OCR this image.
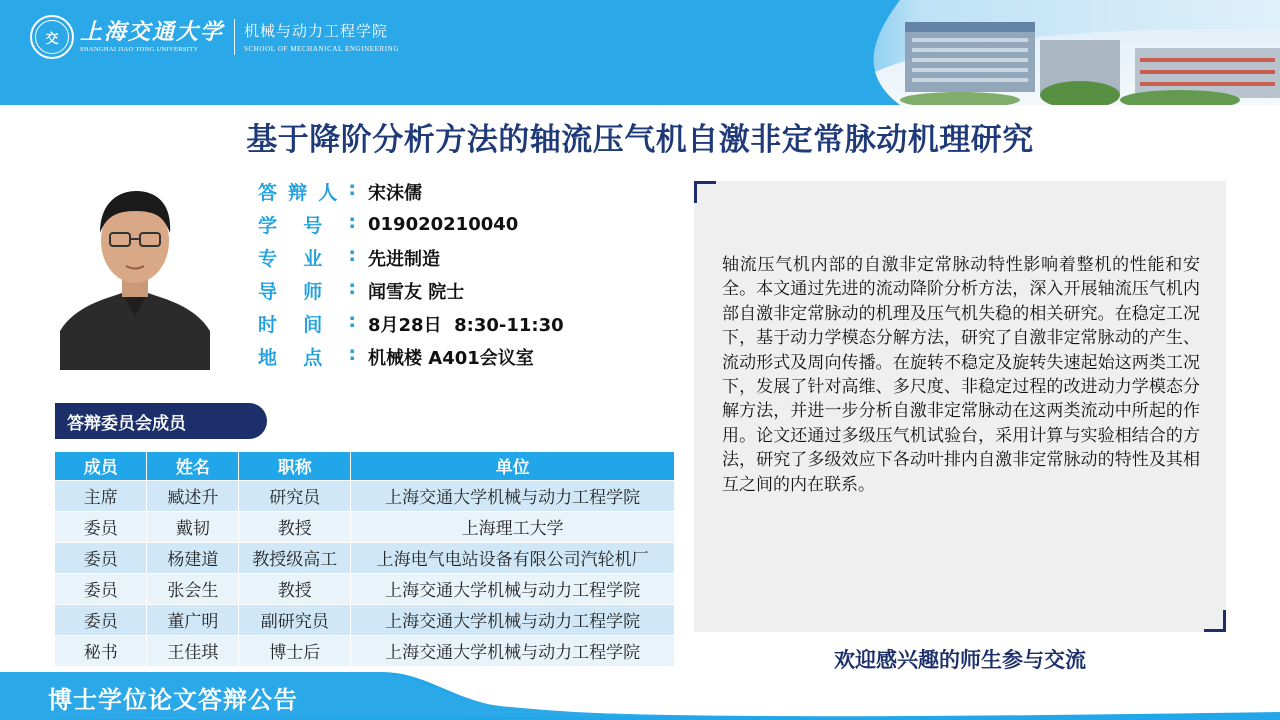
交 上海交通大学
SHANGHAI JIAO TONG UNIVERSITY
机械与动力工程学院
SCHOOL OF MECHANICAL ENGINEERING
基于降阶分析方法的轴流压气机自激非定常脉动机理研究
答 辩 人 : 宋沫儒
学 号 : 019020210040
专 业 : 先进制造
导 师 : 闻雪友 院士
时 间 : 8月28日  8:30-11:30
地 点 : 机械楼 A401会议室
答辩委员会成员
成员	姓名	职称	单位
主席	臧述升	研究员	上海交通大学机械与动力工程学院
委员	戴韧	教授	上海理工大学
委员	杨建道	教授级高工	上海电气电站设备有限公司汽轮机厂
委员	张会生	教授	上海交通大学机械与动力工程学院
委员	董广明	副研究员	上海交通大学机械与动力工程学院
秘书	王佳琪	博士后	上海交通大学机械与动力工程学院
轴流压气机内部的自激非定常脉动特性影响着整机的性能和安全。本文通过先进的流动降阶分析方法，深入开展轴流压气机内部自激非定常脉动的机理及压气机失稳的相关研究。在稳定工况下，基于动力学模态分解方法，研究了自激非定常脉动的产生、流动形式及周向传播。在旋转不稳定及旋转失速起始这两类工况下，发展了针对高维、多尺度、非稳定过程的改进动力学模态分解方法，并进一步分析自激非定常脉动在这两类流动中所起的作用。论文还通过多级压气机试验台，采用计算与实验相结合的方法，研究了多级效应下各动叶排内自激非定常脉动的特性及其相互之间的内在联系。
欢迎感兴趣的师生参与交流
博士学位论文答辩公告
